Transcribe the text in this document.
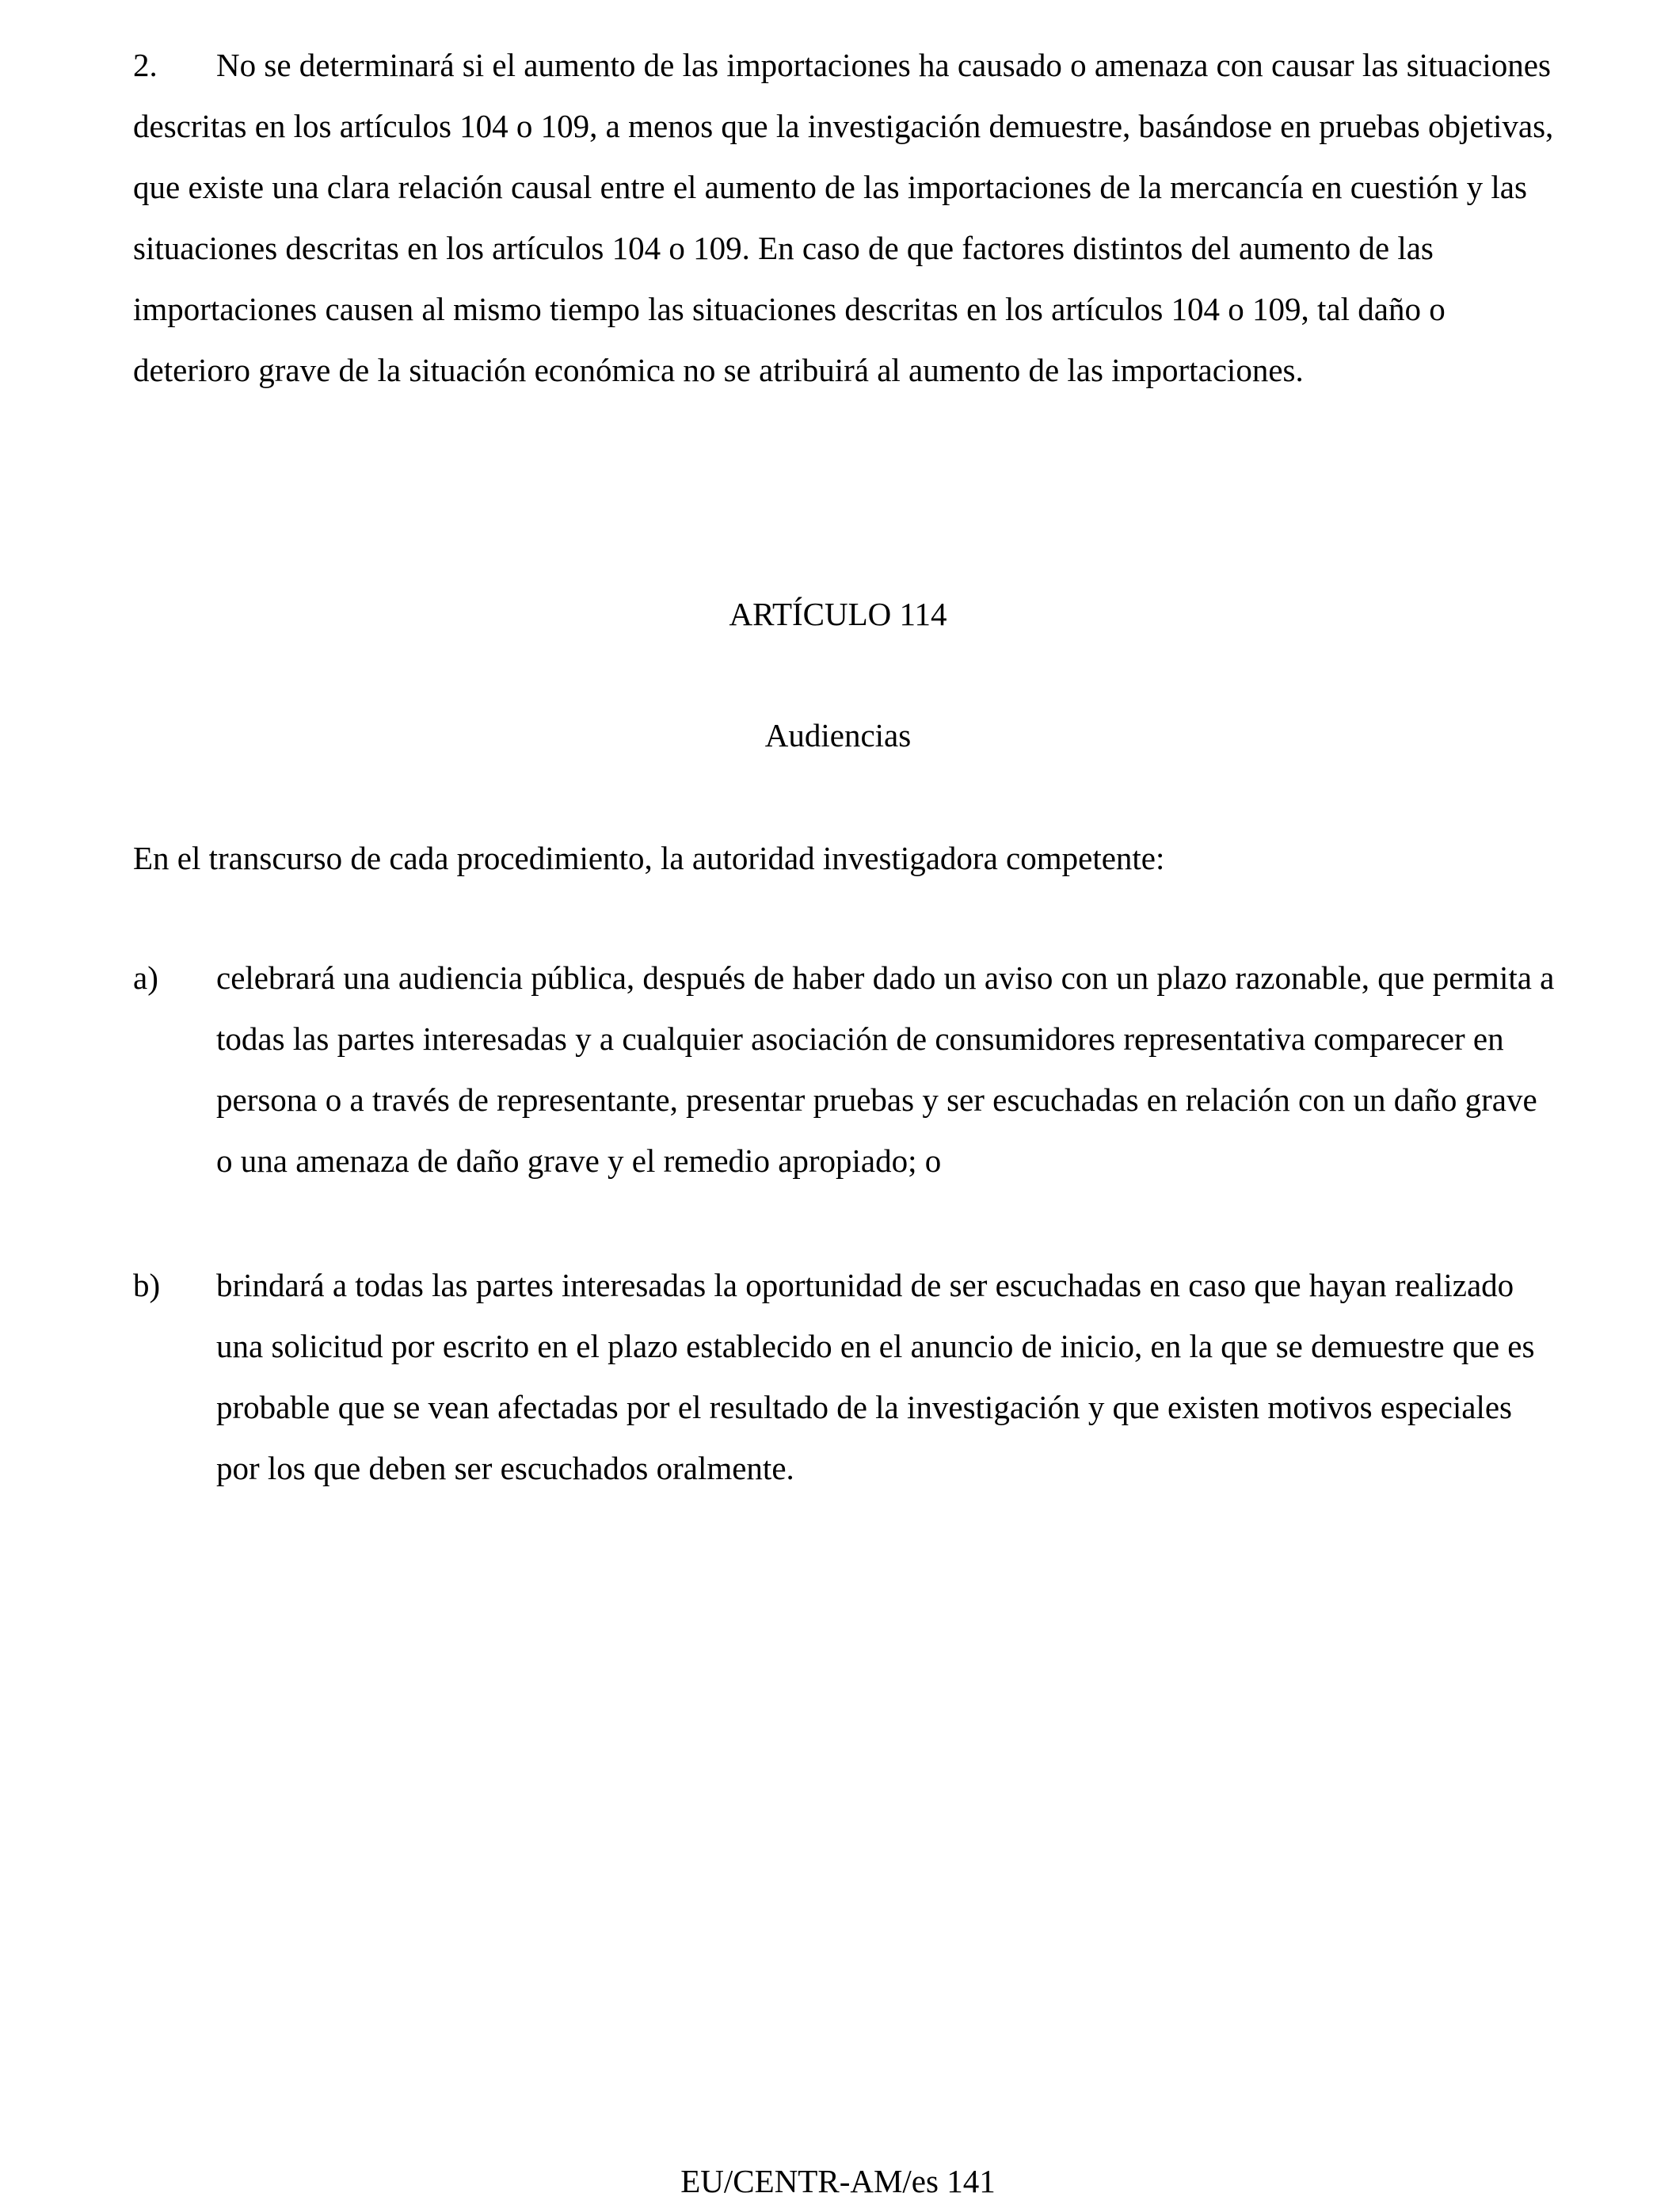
2. No se determinará si el aumento de las importaciones ha causado o amenaza con causar las situaciones descritas en los artículos 104 o 109, a menos que la investigación demuestre, basándose en pruebas objetivas, que existe una clara relación causal entre el aumento de las importaciones de la mercancía en cuestión y las situaciones descritas en los artículos 104 o 109. En caso de que factores distintos del aumento de las importaciones causen al mismo tiempo las situaciones descritas en los artículos 104 o 109, tal daño o deterioro grave de la situación económica no se atribuirá al aumento de las importaciones.

ARTÍCULO 114
Audiencias

En el transcurso de cada procedimiento, la autoridad investigadora competente:

a)	celebrará una audiencia pública, después de haber dado un aviso con un plazo razonable, que permita a todas las partes interesadas y a cualquier asociación de consumidores representativa comparecer en persona o a través de representante, presentar pruebas y ser escuchadas en relación con un daño grave o una amenaza de daño grave y el remedio apropiado; o
b)	brindará a todas las partes interesadas la oportunidad de ser escuchadas en caso que hayan realizado una solicitud por escrito en el plazo establecido en el anuncio de inicio, en la que se demuestre que es probable que se vean afectadas por el resultado de la investigación y que existen motivos especiales por los que deben ser escuchados oralmente.
EU/CENTR-AM/es 141
